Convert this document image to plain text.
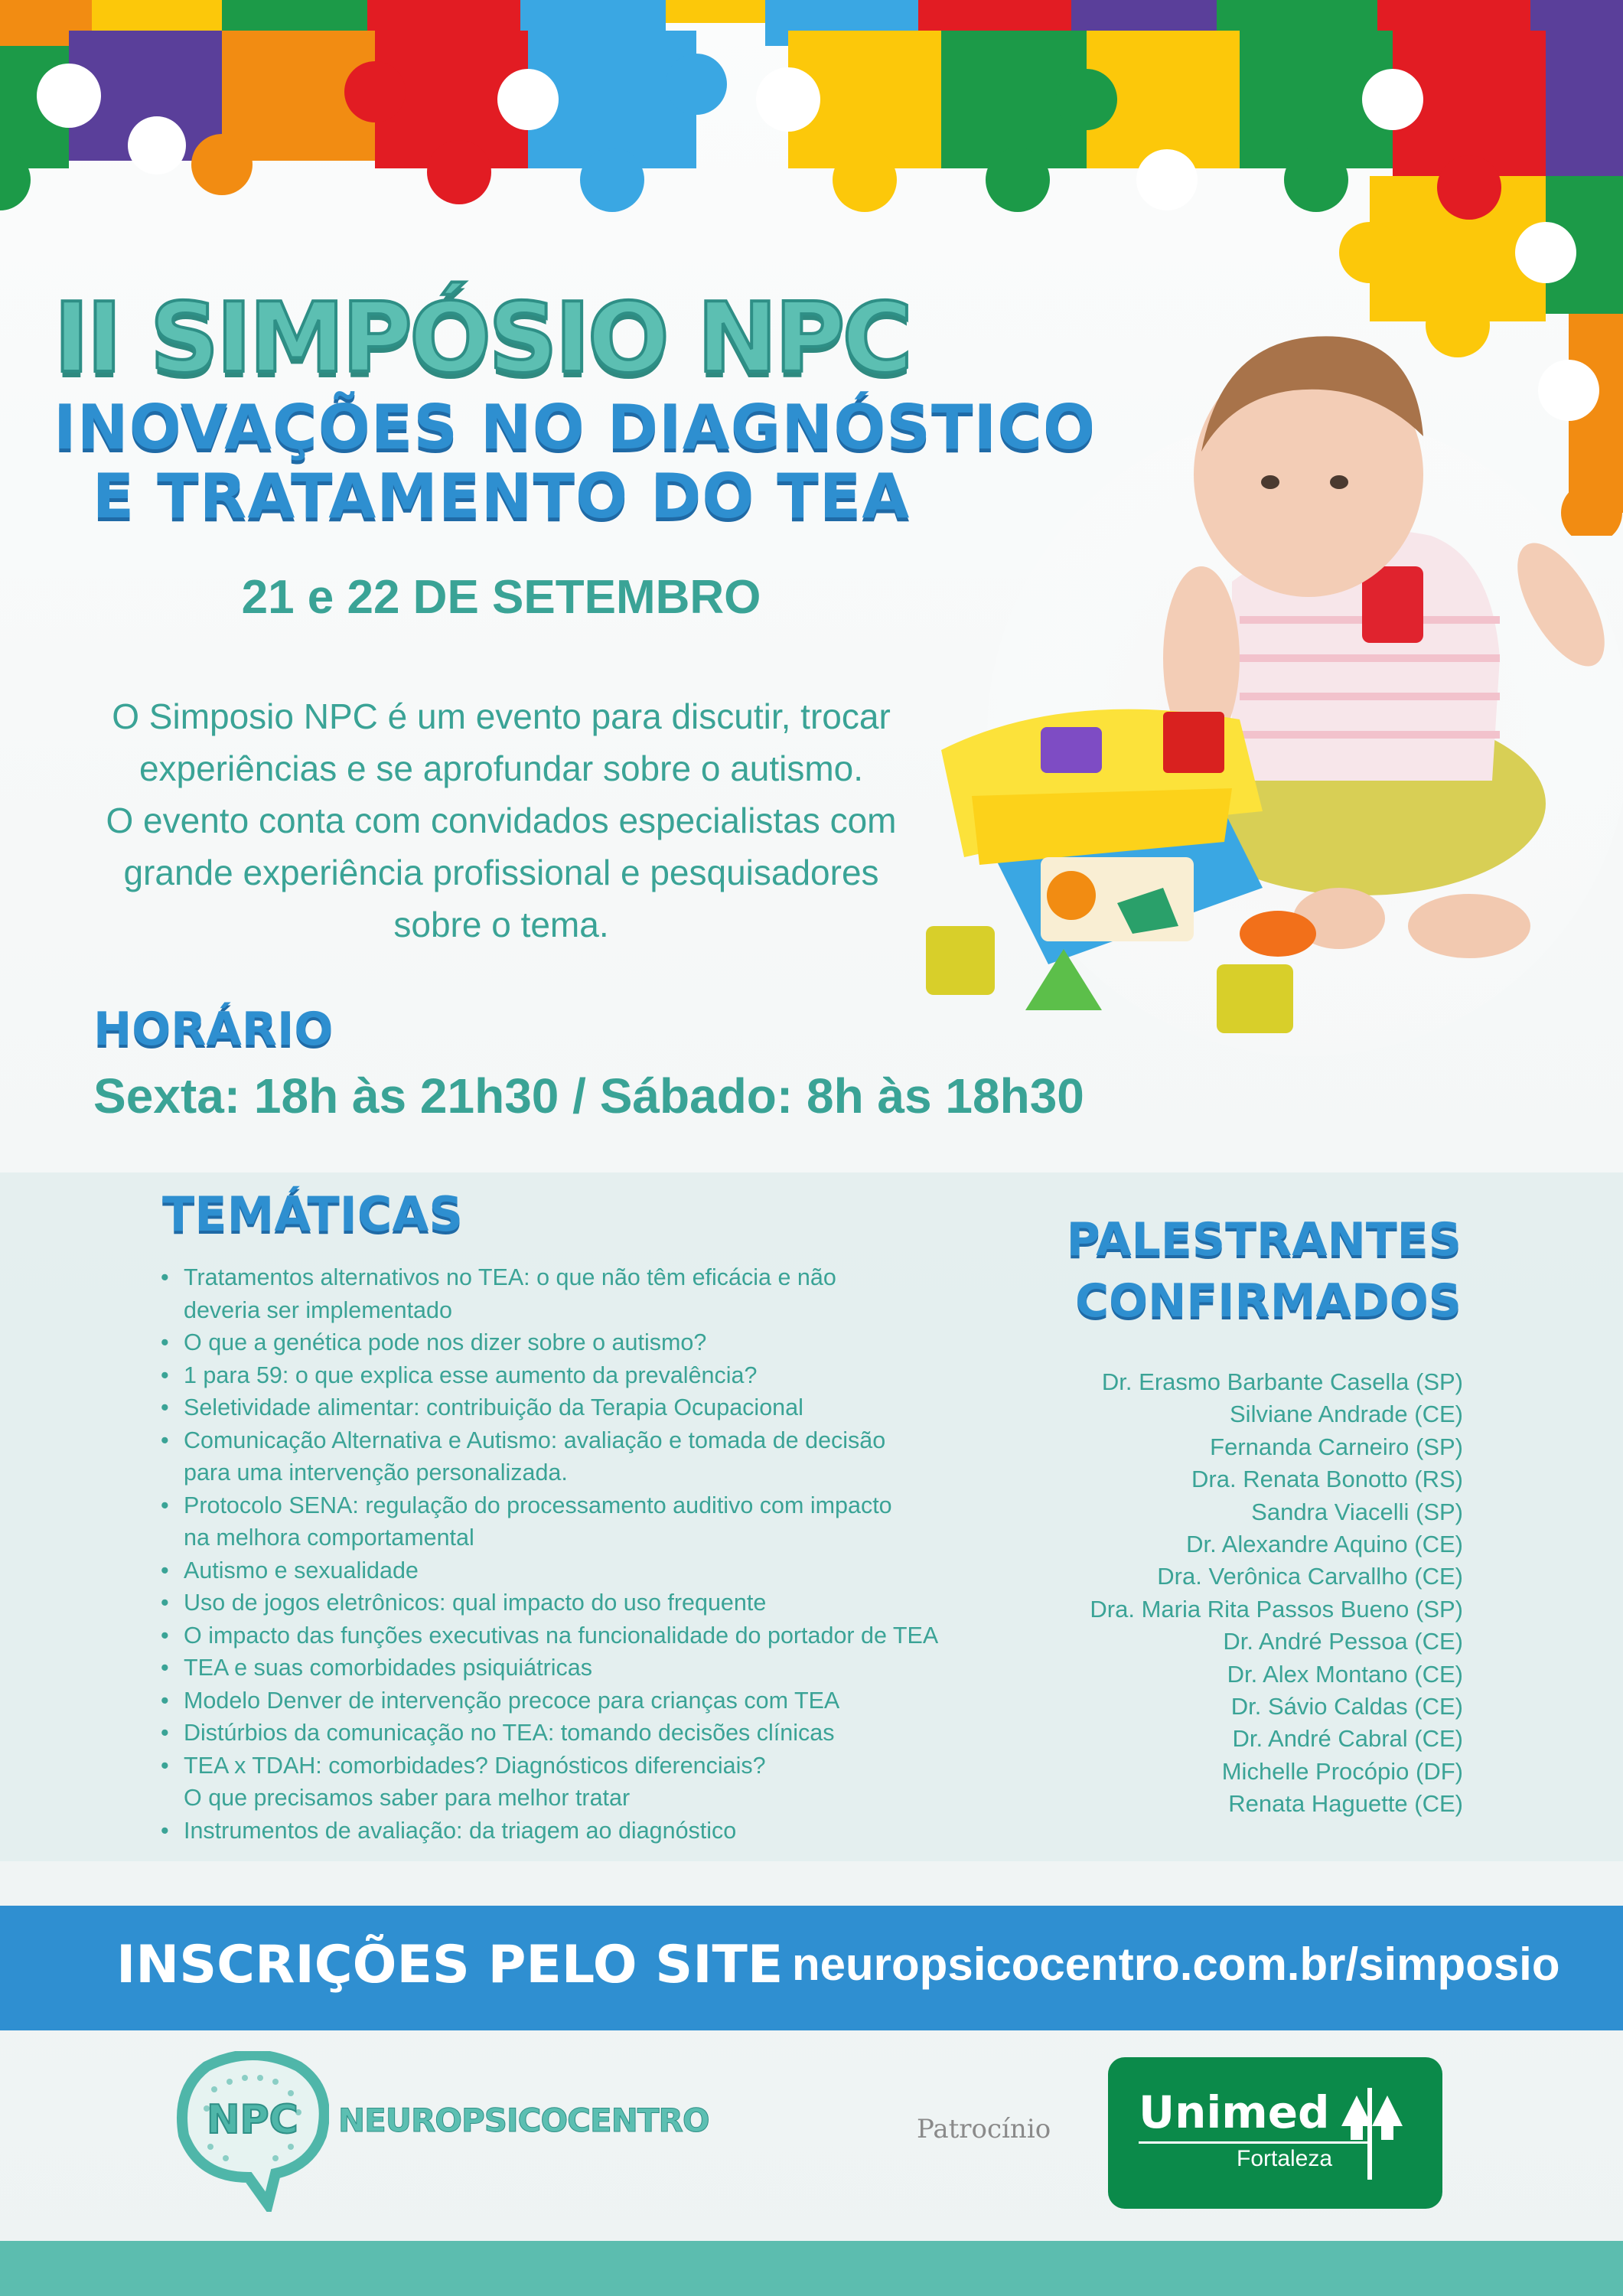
II SIMPÓSIO NPC
INOVAÇÕES NO DIAGNÓSTICO
E TRATAMENTO DO TEA
21 e 22 DE SETEMBRO
O Simposio NPC é um evento para discutir, trocar
experiências e se aprofundar sobre o autismo.
O evento conta com convidados especialistas com
grande experiência profissional e pesquisadores
sobre o tema.
HORÁRIO
Sexta: 18h às 21h30 / Sábado: 8h às 18h30
TEMÁTICAS
• Tratamentos alternativos no TEA: o que não têm eficácia e não
deveria ser implementado
• O que a genética pode nos dizer sobre o autismo?
• 1 para 59: o que explica esse aumento da prevalência?
• Seletividade alimentar: contribuição da Terapia Ocupacional
• Comunicação Alternativa e Autismo: avaliação e tomada de decisão
para uma intervenção personalizada.
• Protocolo SENA: regulação do processamento auditivo com impacto
na melhora comportamental
• Autismo e sexualidade
• Uso de jogos eletrônicos: qual impacto do uso frequente
• O impacto das funções executivas na funcionalidade do portador de TEA
• TEA e suas comorbidades psiquiátricas
• Modelo Denver de intervenção precoce para crianças com TEA
• Distúrbios da comunicação no TEA: tomando decisões clínicas
• TEA x TDAH: comorbidades? Diagnósticos diferenciais?
O que precisamos saber para melhor tratar
• Instrumentos de avaliação: da triagem ao diagnóstico
PALESTRANTES
CONFIRMADOS
Dr. Erasmo Barbante Casella (SP)
Silviane Andrade (CE)
Fernanda Carneiro (SP)
Dra. Renata Bonotto (RS)
Sandra Viacelli (SP)
Dr. Alexandre Aquino (CE)
Dra. Verônica Carvallho (CE)
Dra. Maria Rita Passos Bueno (SP)
Dr. André Pessoa (CE)
Dr. Alex Montano (CE)
Dr. Sávio Caldas (CE)
Dr. André Cabral (CE)
Michelle Procópio (DF)
Renata Haguette (CE)
INSCRIÇÕES PELO SITE neuropsicocentro.com.br/simposio
NPC NEUROPSICOCENTRO	Patrocínio Unimed
Fortaleza
